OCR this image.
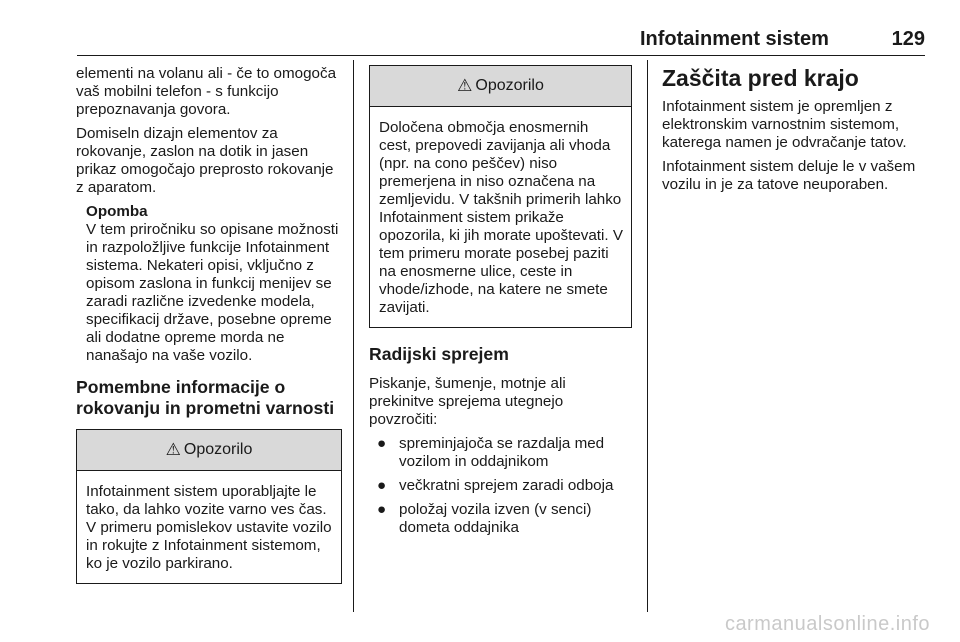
Infotainment sistem	129

elementi na volanu ali - če to omogoča vaš mobilni telefon - s funkcijo prepoznavanja govora.

Domiseln dizajn elementov za rokovanje, zaslon na dotik in jasen prikaz omogočajo preprosto rokovanje z aparatom.

Opomba
V tem priročniku so opisane možnosti in razpoložljive funkcije Infotainment sistema. Nekateri opisi, vključno z opisom zaslona in funkcij menijev se zaradi različne izvedenke modela, specifikacij države, posebne opreme ali dodatne opreme morda ne nanašajo na vaše vozilo.
Pomembne informacije o rokovanju in prometni varnosti
⚠ Opozorilo
Infotainment sistem uporabljajte le tako, da lahko vozite varno ves čas. V primeru pomislekov ustavite vozilo in rokujte z Infotainment sistemom, ko je vozilo parkirano.
⚠ Opozorilo
Določena območja enosmernih cest, prepovedi zavijanja ali vhoda (npr. na cono peščev) niso premerjena in niso označena na zemljevidu. V takšnih primerih lahko Infotainment sistem prikaže opozorila, ki jih morate upoštevati. V tem primeru morate posebej paziti na enosmerne ulice, ceste in vhode/izhode, na katere ne smete zavijati.
Radijski sprejem

Piskanje, šumenje, motnje ali prekinitve sprejema utegnejo povzročiti:

● spreminjajoča se razdalja med vozilom in oddajnikom
● večkratni sprejem zaradi odboja
● položaj vozila izven (v senci) dometa oddajnika
Zaščita pred krajo

Infotainment sistem je opremljen z elektronskim varnostnim sistemom, katerega namen je odvračanje tatov.

Infotainment sistem deluje le v vašem vozilu in je za tatove neuporaben.

carmanualsonline.info
